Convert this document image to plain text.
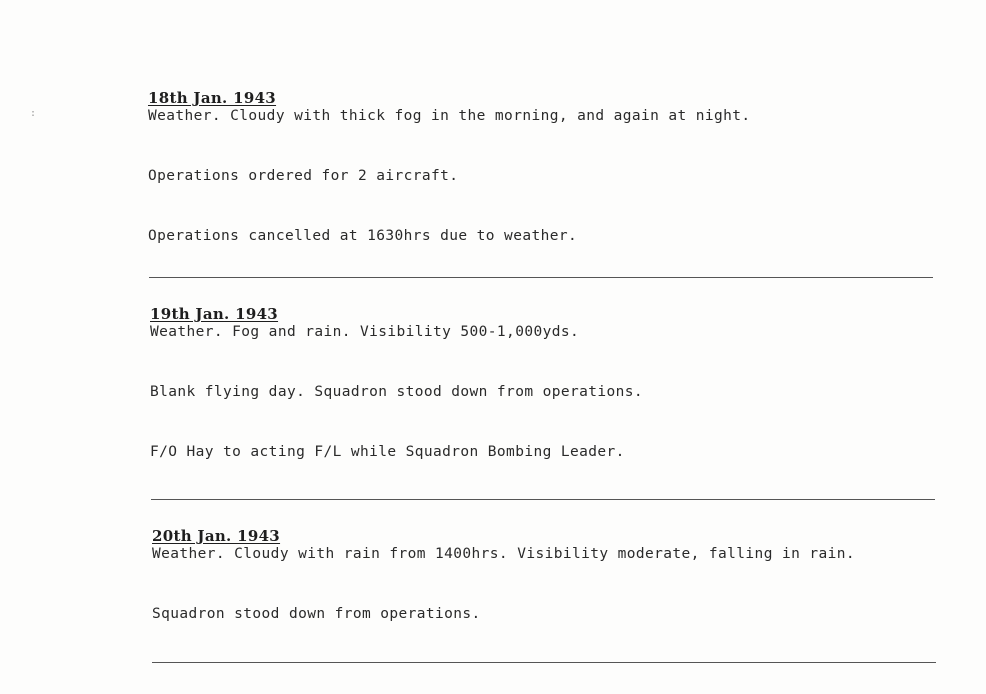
:

18th Jan. 1943

Weather. Cloudy with thick fog in the morning, and again at night.

Operations ordered for 2 aircraft.

Operations cancelled at 1630hrs due to weather.

19th Jan. 1943

Weather. Fog and rain. Visibility 500-1,000yds.

Blank flying day. Squadron stood down from operations.

F/O Hay to acting F/L while Squadron Bombing Leader.

20th Jan. 1943

Weather. Cloudy with rain from 1400hrs. Visibility moderate, falling in rain.

Squadron stood down from operations.
